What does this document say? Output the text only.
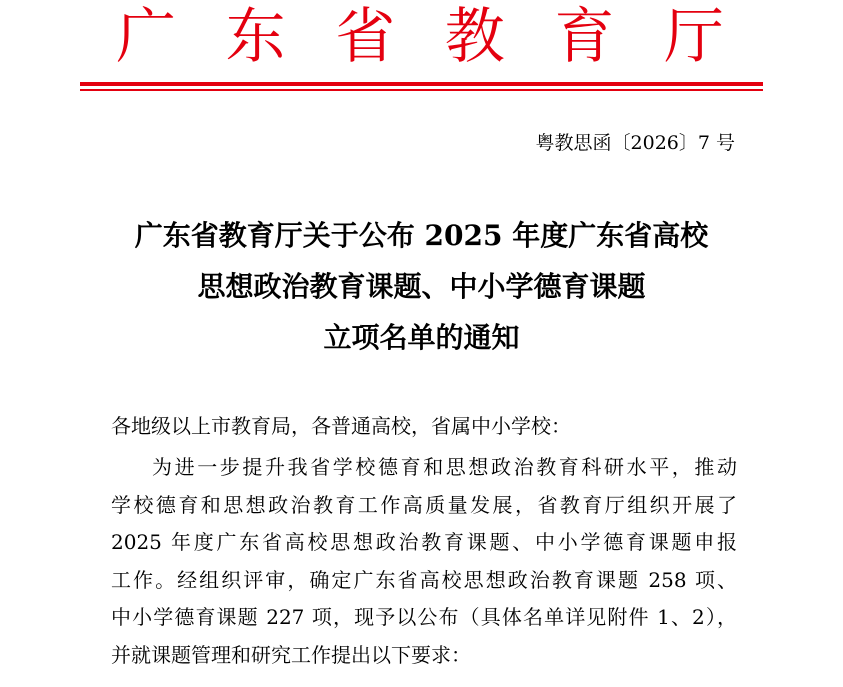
广 东 省 教 育 厅
粤教思函〔2026〕7 号
广东省教育厅关于公布 2025 年度广东省高校
思想政治教育课题、中小学德育课题
立项名单的通知
各地级以上市教育局，各普通高校，省属中小学校：
为进一步提升我省学校德育和思想政治教育科研水平，推动
学校德育和思想政治教育工作高质量发展，省教育厅组织开展了
2025 年度广东省高校思想政治教育课题、中小学德育课题申报
工作。经组织评审，确定广东省高校思想政治教育课题 258 项、
中小学德育课题 227 项，现予以公布（具体名单详见附件 1、2），
并就课题管理和研究工作提出以下要求：
